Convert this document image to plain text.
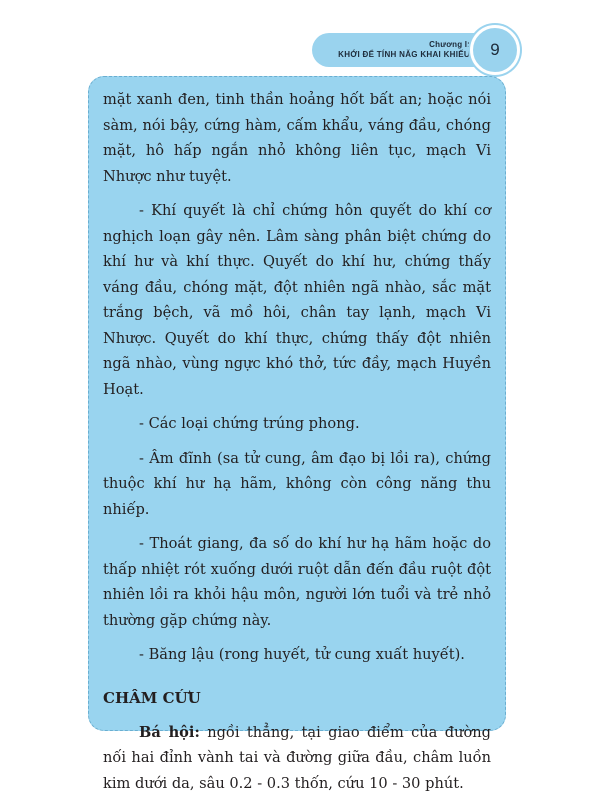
Chương I:
KHỚI ĐỂ TÍNH NĂG KHAI KHIẾU 9

mặt xanh đen, tinh thần hoảng hốt bất an; hoặc nói sàm, nói bậy, cứng hàm, cấm khẩu, váng đầu, chóng mặt, hô hấp ngắn nhỏ không liên tục, mạch Vi Nhược như tuyệt.

- Khí quyết là chỉ chứng hôn quyết do khí cơ nghịch loạn gây nên. Lâm sàng phân biệt chứng do khí hư và khí thực. Quyết do khí hư, chứng thấy váng đầu, chóng mặt, đột nhiên ngã nhào, sắc mặt trắng bệch, vã mồ hôi, chân tay lạnh, mạch Vi Nhược. Quyết do khí thực, chứng thấy đột nhiên ngã nhào, vùng ngực khó thở, tức đầy, mạch Huyền Hoạt.

- Các loại chứng trúng phong.

- Âm đĩnh (sa tử cung, âm đạo bị lồi ra), chứng thuộc khí hư hạ hãm, không còn công năng thu nhiếp.

- Thoát giang, đa số do khí hư hạ hãm hoặc do thấp nhiệt rót xuống dưới ruột dẫn đến đầu ruột đột nhiên lồi ra khỏi hậu môn, người lớn tuổi và trẻ nhỏ thường gặp chứng này.

- Băng lậu (rong huyết, tử cung xuất huyết).

CHÂM CỨU

Bá hội: ngồi thẳng, tại giao điểm của đường nối hai đỉnh vành tai và đường giữa đầu, châm luồn kim dưới da, sâu 0.2 - 0.3 thốn, cứu 10 - 30 phút.
